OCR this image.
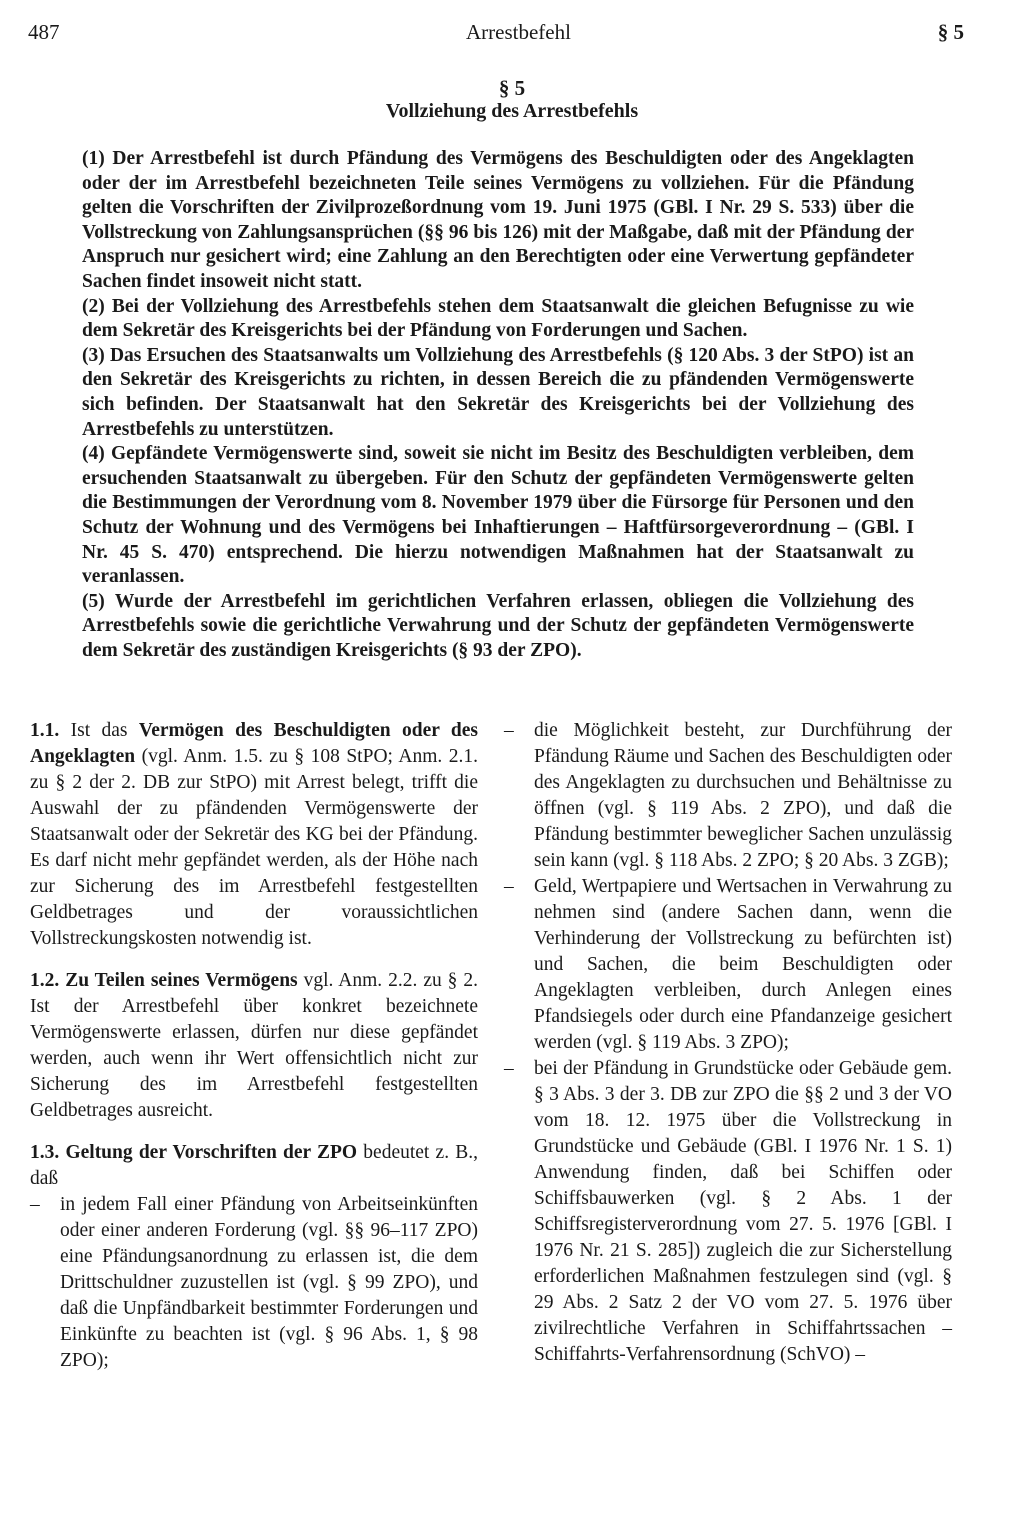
487	Arrestbefehl	§ 5
§ 5
Vollziehung des Arrestbefehls

(1) Der Arrestbefehl ist durch Pfändung des Vermögens des Beschuldigten oder des Angeklagten oder der im Arrestbefehl bezeichneten Teile seines Vermögens zu vollziehen. Für die Pfändung gelten die Vorschriften der Zivilprozeßordnung vom 19. Juni 1975 (GBl. I Nr. 29 S. 533) über die Vollstreckung von Zahlungsansprüchen (§§ 96 bis 126) mit der Maßgabe, daß mit der Pfändung der Anspruch nur gesichert wird; eine Zahlung an den Berechtigten oder eine Verwertung gepfändeter Sachen findet insoweit nicht statt.

(2) Bei der Vollziehung des Arrestbefehls stehen dem Staatsanwalt die gleichen Befugnisse zu wie dem Sekretär des Kreisgerichts bei der Pfändung von Forderungen und Sachen.

(3) Das Ersuchen des Staatsanwalts um Vollziehung des Arrestbefehls (§ 120 Abs. 3 der StPO) ist an den Sekretär des Kreisgerichts zu richten, in dessen Bereich die zu pfändenden Vermögenswerte sich befinden. Der Staatsanwalt hat den Sekretär des Kreisgerichts bei der Vollziehung des Arrestbefehls zu unterstützen.

(4) Gepfändete Vermögenswerte sind, soweit sie nicht im Besitz des Beschuldigten verbleiben, dem ersuchenden Staatsanwalt zu übergeben. Für den Schutz der gepfändeten Vermögenswerte gelten die Bestimmungen der Verordnung vom 8. November 1979 über die Fürsorge für Personen und den Schutz der Wohnung und des Vermögens bei Inhaftierungen – Haftfürsorgeverordnung – (GBl. I Nr. 45 S. 470) entsprechend. Die hierzu notwendigen Maßnahmen hat der Staatsanwalt zu veranlassen.

(5) Wurde der Arrestbefehl im gerichtlichen Verfahren erlassen, obliegen die Vollziehung des Arrestbefehls sowie die gerichtliche Verwahrung und der Schutz der gepfändeten Vermögenswerte dem Sekretär des zuständigen Kreisgerichts (§ 93 der ZPO).

1.1. Ist das Vermögen des Beschuldigten oder des Angeklagten (vgl. Anm. 1.5. zu § 108 StPO; Anm. 2.1. zu § 2 der 2. DB zur StPO) mit Arrest belegt, trifft die Auswahl der zu pfändenden Vermögenswerte der Staatsanwalt oder der Sekretär des KG bei der Pfändung. Es darf nicht mehr gepfändet werden, als der Höhe nach zur Sicherung des im Arrestbefehl festgestellten Geldbetrages und der voraussichtlichen Vollstreckungskosten notwendig ist.

1.2. Zu Teilen seines Vermögens vgl. Anm. 2.2. zu § 2. Ist der Arrestbefehl über konkret bezeichnete Vermögenswerte erlassen, dürfen nur diese gepfändet werden, auch wenn ihr Wert offensichtlich nicht zur Sicherung des im Arrestbefehl festgestellten Geldbetrages ausreicht.

1.3. Geltung der Vorschriften der ZPO bedeutet z. B., daß
– in jedem Fall einer Pfändung von Arbeitseinkünften oder einer anderen Forderung (vgl. §§ 96–117 ZPO) eine Pfändungsanordnung zu erlassen ist, die dem Drittschuldner zuzustellen ist (vgl. § 99 ZPO), und daß die Unpfändbarkeit bestimmter Forderungen und Einkünfte zu beachten ist (vgl. § 96 Abs. 1, § 98 ZPO);
– die Möglichkeit besteht, zur Durchführung der Pfändung Räume und Sachen des Beschuldigten oder des Angeklagten zu durchsuchen und Behältnisse zu öffnen (vgl. § 119 Abs. 2 ZPO), und daß die Pfändung bestimmter beweglicher Sachen unzulässig sein kann (vgl. § 118 Abs. 2 ZPO; § 20 Abs. 3 ZGB);
– Geld, Wertpapiere und Wertsachen in Verwahrung zu nehmen sind (andere Sachen dann, wenn die Verhinderung der Vollstreckung zu befürchten ist) und Sachen, die beim Beschuldigten oder Angeklagten verbleiben, durch Anlegen eines Pfandsiegels oder durch eine Pfandanzeige gesichert werden (vgl. § 119 Abs. 3 ZPO);
– bei der Pfändung in Grundstücke oder Gebäude gem. § 3 Abs. 3 der 3. DB zur ZPO die §§ 2 und 3 der VO vom 18. 12. 1975 über die Vollstreckung in Grundstücke und Gebäude (GBl. I 1976 Nr. 1 S. 1) Anwendung finden, daß bei Schiffen oder Schiffsbauwerken (vgl. § 2 Abs. 1 der Schiffsregisterverordnung vom 27. 5. 1976 [GBl. I 1976 Nr. 21 S. 285]) zugleich die zur Sicherstellung erforderlichen Maßnahmen festzulegen sind (vgl. § 29 Abs. 2 Satz 2 der VO vom 27. 5. 1976 über zivilrechtliche Verfahren in Schiffahrtssachen – Schiffahrts-Verfahrensordnung (SchVO) –
